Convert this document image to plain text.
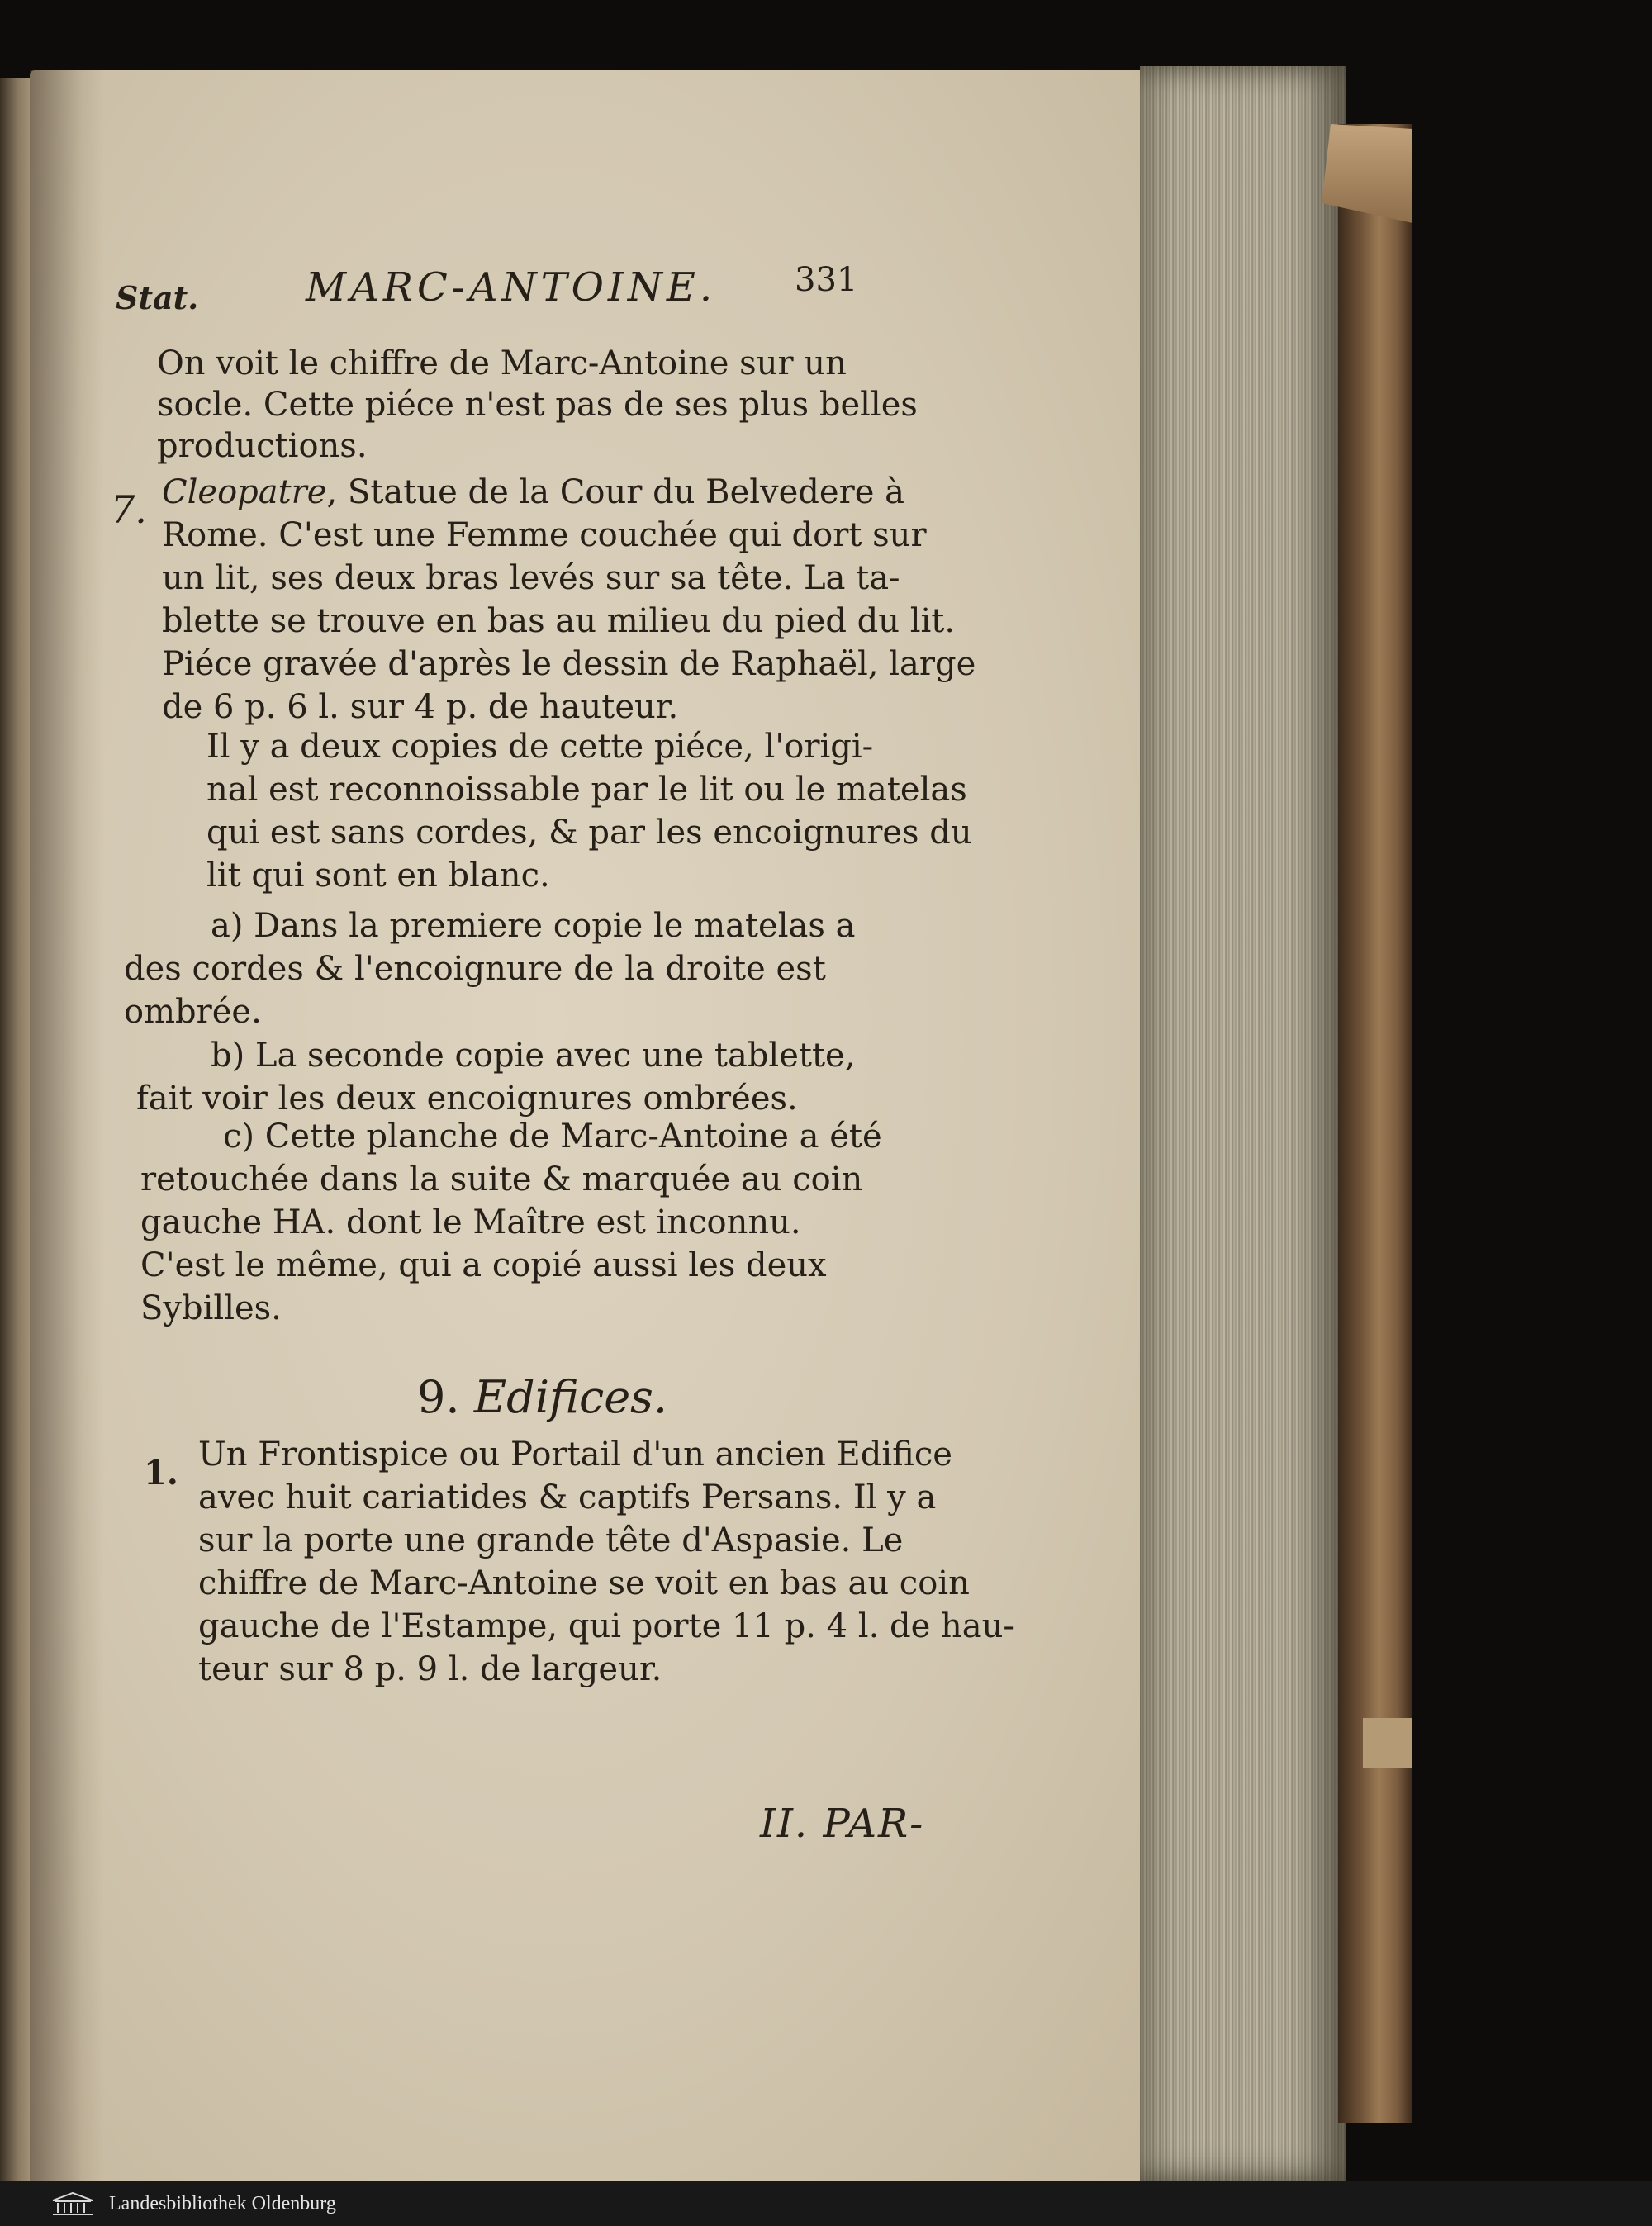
Stat.	MARC-ANTOINE. 331
On voit le chiffre de Marc-Antoine sur un
socle. Cette piéce n'est pas de ses plus belles
productions.
7. Cleopatre, Statue de la Cour du Belvedere à
Rome. C'est une Femme couchée qui dort sur
un lit, ses deux bras levés sur sa tête. La ta-
blette se trouve en bas au milieu du pied du lit.
Piéce gravée d'après le dessin de Raphaël, large
de 6 p. 6 l. sur 4 p. de hauteur.
Il y a deux copies de cette piéce, l'origi-
nal est reconnoissable par le lit ou le matelas
qui est sans cordes, & par les encoignures du
lit qui sont en blanc.
a) Dans la premiere copie le matelas a
des cordes & l'encoignure de la droite est
ombrée.
b) La seconde copie avec une tablette,
fait voir les deux encoignures ombrées.
c) Cette planche de Marc-Antoine a été
retouchée dans la suite & marquée au coin
gauche HA. dont le Maître est inconnu.
C'est le même, qui a copié aussi les deux
Sybilles.
9. Edifices.
1. Un Frontispice ou Portail d'un ancien Edifice
avec huit cariatides & captifs Persans. Il y a
sur la porte une grande tête d'Aspasie. Le
chiffre de Marc-Antoine se voit en bas au coin
gauche de l'Estampe, qui porte 11 p. 4 l. de hau-
teur sur 8 p. 9 l. de largeur.
II. PAR-
Landesbibliothek Oldenburg
